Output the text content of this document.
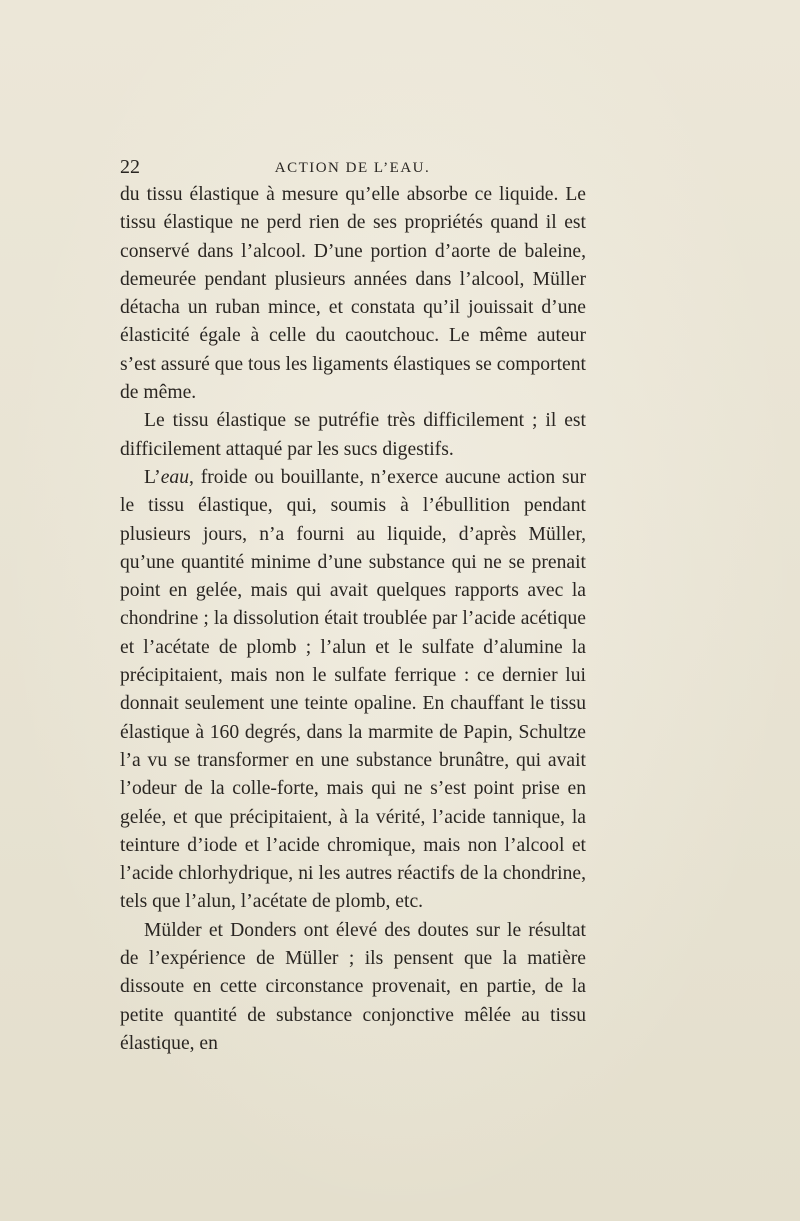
22	ACTION DE L’EAU.

du tissu élastique à mesure qu’elle absorbe ce liquide. Le tissu élastique ne perd rien de ses propriétés quand il est conservé dans l’alcool. D’une portion d’aorte de baleine, demeurée pendant plusieurs années dans l’alcool, Müller détacha un ruban mince, et constata qu’il jouissait d’une élasticité égale à celle du caoutchouc. Le même auteur s’est assuré que tous les ligaments élastiques se comportent de même.

Le tissu élastique se putréfie très difficilement ; il est difficilement attaqué par les sucs digestifs.

L’eau, froide ou bouillante, n’exerce aucune action sur le tissu élastique, qui, soumis à l’ébullition pendant plusieurs jours, n’a fourni au liquide, d’après Müller, qu’une quantité minime d’une substance qui ne se prenait point en gelée, mais qui avait quelques rapports avec la chondrine ; la dissolution était troublée par l’acide acétique et l’acétate de plomb ; l’alun et le sulfate d’alumine la précipitaient, mais non le sulfate ferrique : ce dernier lui donnait seulement une teinte opaline. En chauffant le tissu élastique à 160 degrés, dans la marmite de Papin, Schultze l’a vu se transformer en une substance brunâtre, qui avait l’odeur de la colle-forte, mais qui ne s’est point prise en gelée, et que précipitaient, à la vérité, l’acide tannique, la teinture d’iode et l’acide chromique, mais non l’alcool et l’acide chlorhydrique, ni les autres réactifs de la chondrine, tels que l’alun, l’acétate de plomb, etc.

Mülder et Donders ont élevé des doutes sur le résultat de l’expérience de Müller ; ils pensent que la matière dissoute en cette circonstance provenait, en partie, de la petite quantité de substance conjonctive mêlée au tissu élastique, en
